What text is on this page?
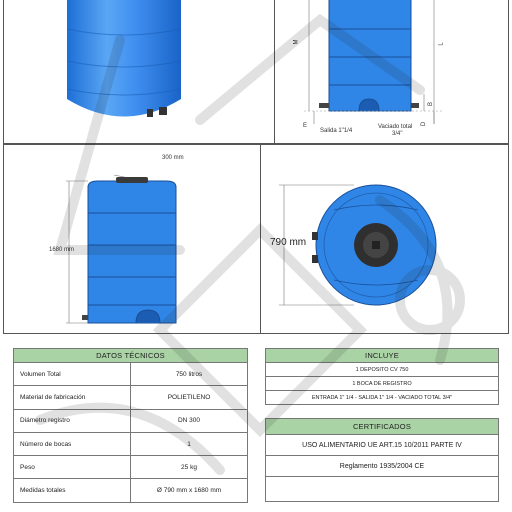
M	L
B
D
E
Salida 1"1/4
Vaciado total
3/4"
300 mm
1680 mm
790 mm
DATOS TÉCNICOS	
Volumen Total	750 litros
Material de fabricación	POLIETILENO
Diámetro registro	DN 300
Número de bocas	1
Peso	25 kg
Medidas totales	Ø 790 mm x 1680 mm
INCLUYE
1 DEPOSITO CV 750
1 BOCA DE REGISTRO
ENTRADA 1" 1/4 - SALIDA 1" 1/4 - VACIADO TOTAL 3/4"
CERTIFICADOS
USO ALIMENTARIO UE ART.15 10/2011 PARTE IV
Reglamento 1935/2004 CE
